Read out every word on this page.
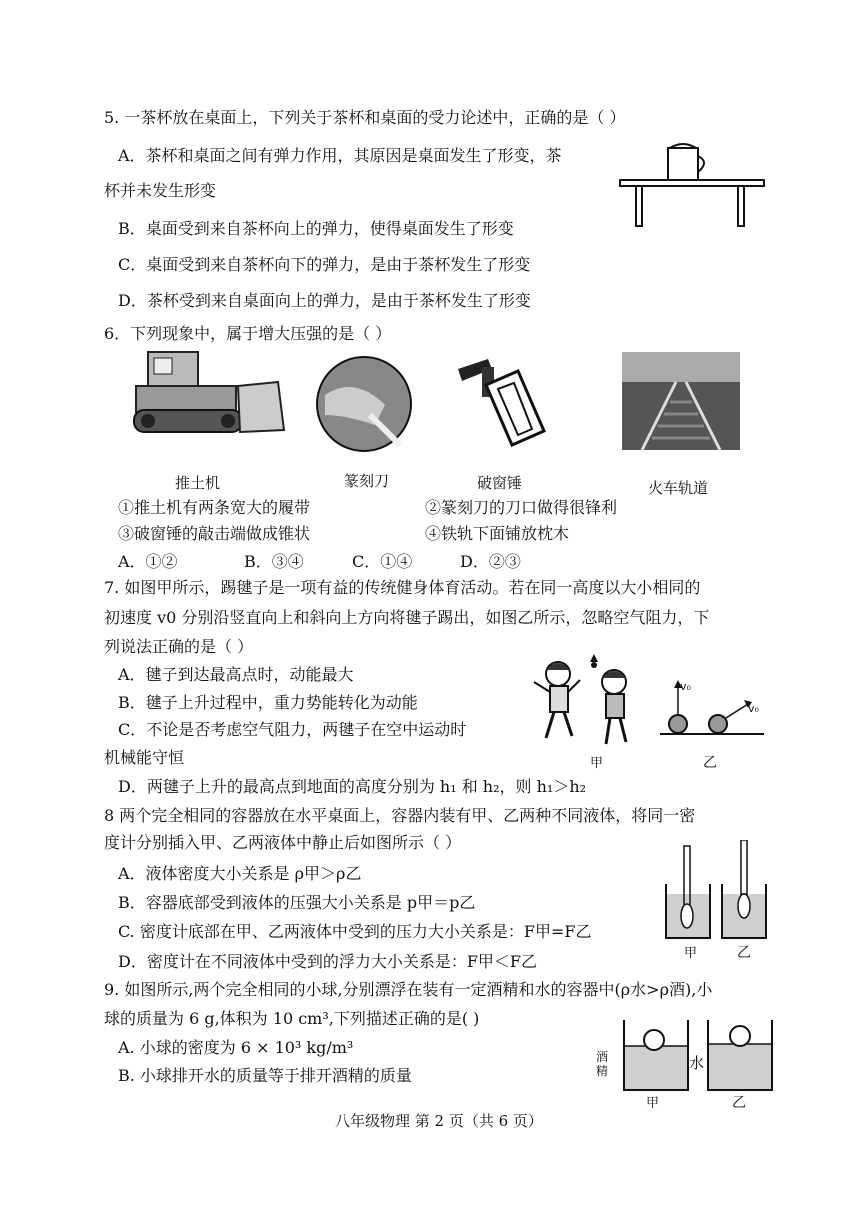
5. 一茶杯放在桌面上，下列关于茶杯和桌面的受力论述中，正确的是（ ）
A．茶杯和桌面之间有弹力作用，其原因是桌面发生了形变，茶
杯并未发生形变
B．桌面受到来自茶杯向上的弹力，使得桌面发生了形变
C．桌面受到来自茶杯向下的弹力，是由于茶杯发生了形变
D．茶杯受到来自桌面向上的弹力，是由于茶杯发生了形变
6．下列现象中，属于增大压强的是（ ）
推土机	篆刻刀	破窗锤	火车轨道
①推土机有两条宽大的履带	②篆刻刀的刀口做得很锋利
③破窗锤的敲击端做成锥状	④铁轨下面铺放枕木
A．①②	B．③④	C．①④	D．②③
7. 如图甲所示，踢毽子是一项有益的传统健身体育活动。若在同一高度以大小相同的
初速度 v0 分别沿竖直向上和斜向上方向将毽子踢出，如图乙所示，忽略空气阻力，下
列说法正确的是（ ）
A．毽子到达最高点时，动能最大
B．毽子上升过程中，重力势能转化为动能
C．不论是否考虑空气阻力，两毽子在空中运动时
机械能守恒
D．两毽子上升的最高点到地面的高度分别为 h₁ 和 h₂，则 h₁＞h₂
甲
v₀
v₀
乙
8 两个完全相同的容器放在水平桌面上，容器内装有甲、乙两种不同液体，将同一密
度计分别插入甲、乙两液体中静止后如图所示（ ）
A．液体密度大小关系是 ρ甲＞ρ乙
B．容器底部受到液体的压强大小关系是 p甲＝p乙
C. 密度计底部在甲、乙两液体中受到的压力大小关系是：F甲=F乙
D．密度计在不同液体中受到的浮力大小关系是：F甲＜F乙	甲	乙
9. 如图所示,两个完全相同的小球,分别漂浮在装有一定酒精和水的容器中(ρ水>ρ酒),小
球的质量为 6 g,体积为 10 cm³,下列描述正确的是( )
A. 小球的密度为 6 × 10³ kg/m³
B. 小球排开水的质量等于排开酒精的质量
酒精	水
甲	乙
八年级物理 第 2 页（共 6 页）
